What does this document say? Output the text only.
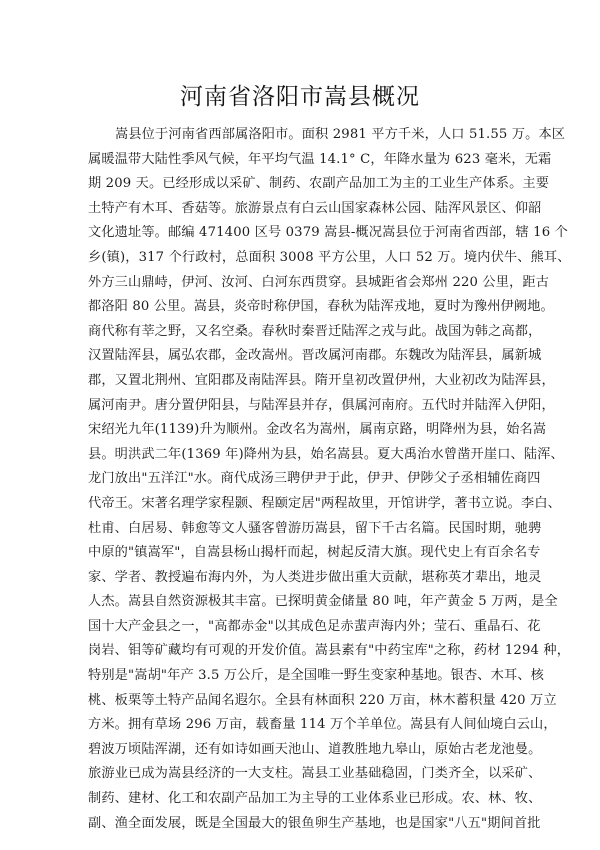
河南省洛阳市嵩县概况
嵩县位于河南省西部属洛阳市。面积 2981 平方千米，人口 51.55 万。本区
属暖温带大陆性季风气候，年平均气温 14.1° C，年降水量为 623 毫米，无霜
期 209 天。已经形成以采矿、制药、农副产品加工为主的工业生产体系。主要
土特产有木耳、香菇等。旅游景点有白云山国家森林公园、陆浑风景区、仰韶
文化遗址等。邮编 471400 区号 0379 嵩县-概况嵩县位于河南省西部，辖 16 个
乡(镇)，317 个行政村，总面积 3008 平方公里，人口 52 万。境内伏牛、熊耳、
外方三山鼎峙，伊河、汝河、白河东西贯穿。县城距省会郑州 220 公里，距古
都洛阳 80 公里。嵩县，炎帝时称伊国，春秋为陆浑戎地，夏时为豫州伊阙地。
商代称有莘之野，又名空桑。春秋时秦晋迁陆浑之戎与此。战国为韩之高都，
汉置陆浑县，属弘农郡，金改嵩州。晋改属河南郡。东魏改为陆浑县，属新城
郡，又置北荆州、宜阳郡及南陆浑县。隋开皇初改置伊州，大业初改为陆浑县，
属河南尹。唐分置伊阳县，与陆浑县并存，俱属河南府。五代时并陆浑入伊阳，
宋绍光九年(1139)升为顺州。金改名为嵩州，属南京路，明降州为县，始名嵩
县。明洪武二年(1369 年)降州为县，始名嵩县。夏大禹治水曾凿开崖口、陆浑、
龙门放出"五洋江"水。商代成汤三聘伊尹于此，伊尹、伊陟父子丞相辅佐商四
代帝王。宋著名理学家程颢、程颐定居"两程故里，开馆讲学，著书立说。李白、
杜甫、白居易、韩愈等文人骚客曾游历嵩县，留下千古名篇。民国时期，驰骋
中原的"镇嵩军"，自嵩县杨山揭杆而起，树起反清大旗。现代史上有百余名专
家、学者、教授遍布海内外，为人类进步做出重大贡献，堪称英才辈出，地灵
人杰。嵩县自然资源极其丰富。已探明黄金储量 80 吨，年产黄金 5 万两，是全
国十大产金县之一，"高都赤金"以其成色足赤蜚声海内外；莹石、重晶石、花
岗岩、钼等矿藏均有可观的开发价值。嵩县素有"中药宝库"之称，药材 1294 种，
特别是"嵩胡"年产 3.5 万公斤，是全国唯一野生变家种基地。银杏、木耳、核
桃、板栗等土特产品闻名遐尔。全县有林面积 220 万亩，林木蓄积量 420 万立
方米。拥有草场 296 万亩，载畜量 114 万个羊单位。嵩县有人间仙境白云山，
碧波万顷陆浑湖，还有如诗如画天池山、道教胜地九皋山，原始古老龙池曼。
旅游业已成为嵩县经济的一大支柱。嵩县工业基础稳固，门类齐全，以采矿、
制药、建材、化工和农副产品加工为主导的工业体系业已形成。农、林、牧、
副、渔全面发展，既是全国最大的银鱼卵生产基地，也是国家"八五"期间首批
